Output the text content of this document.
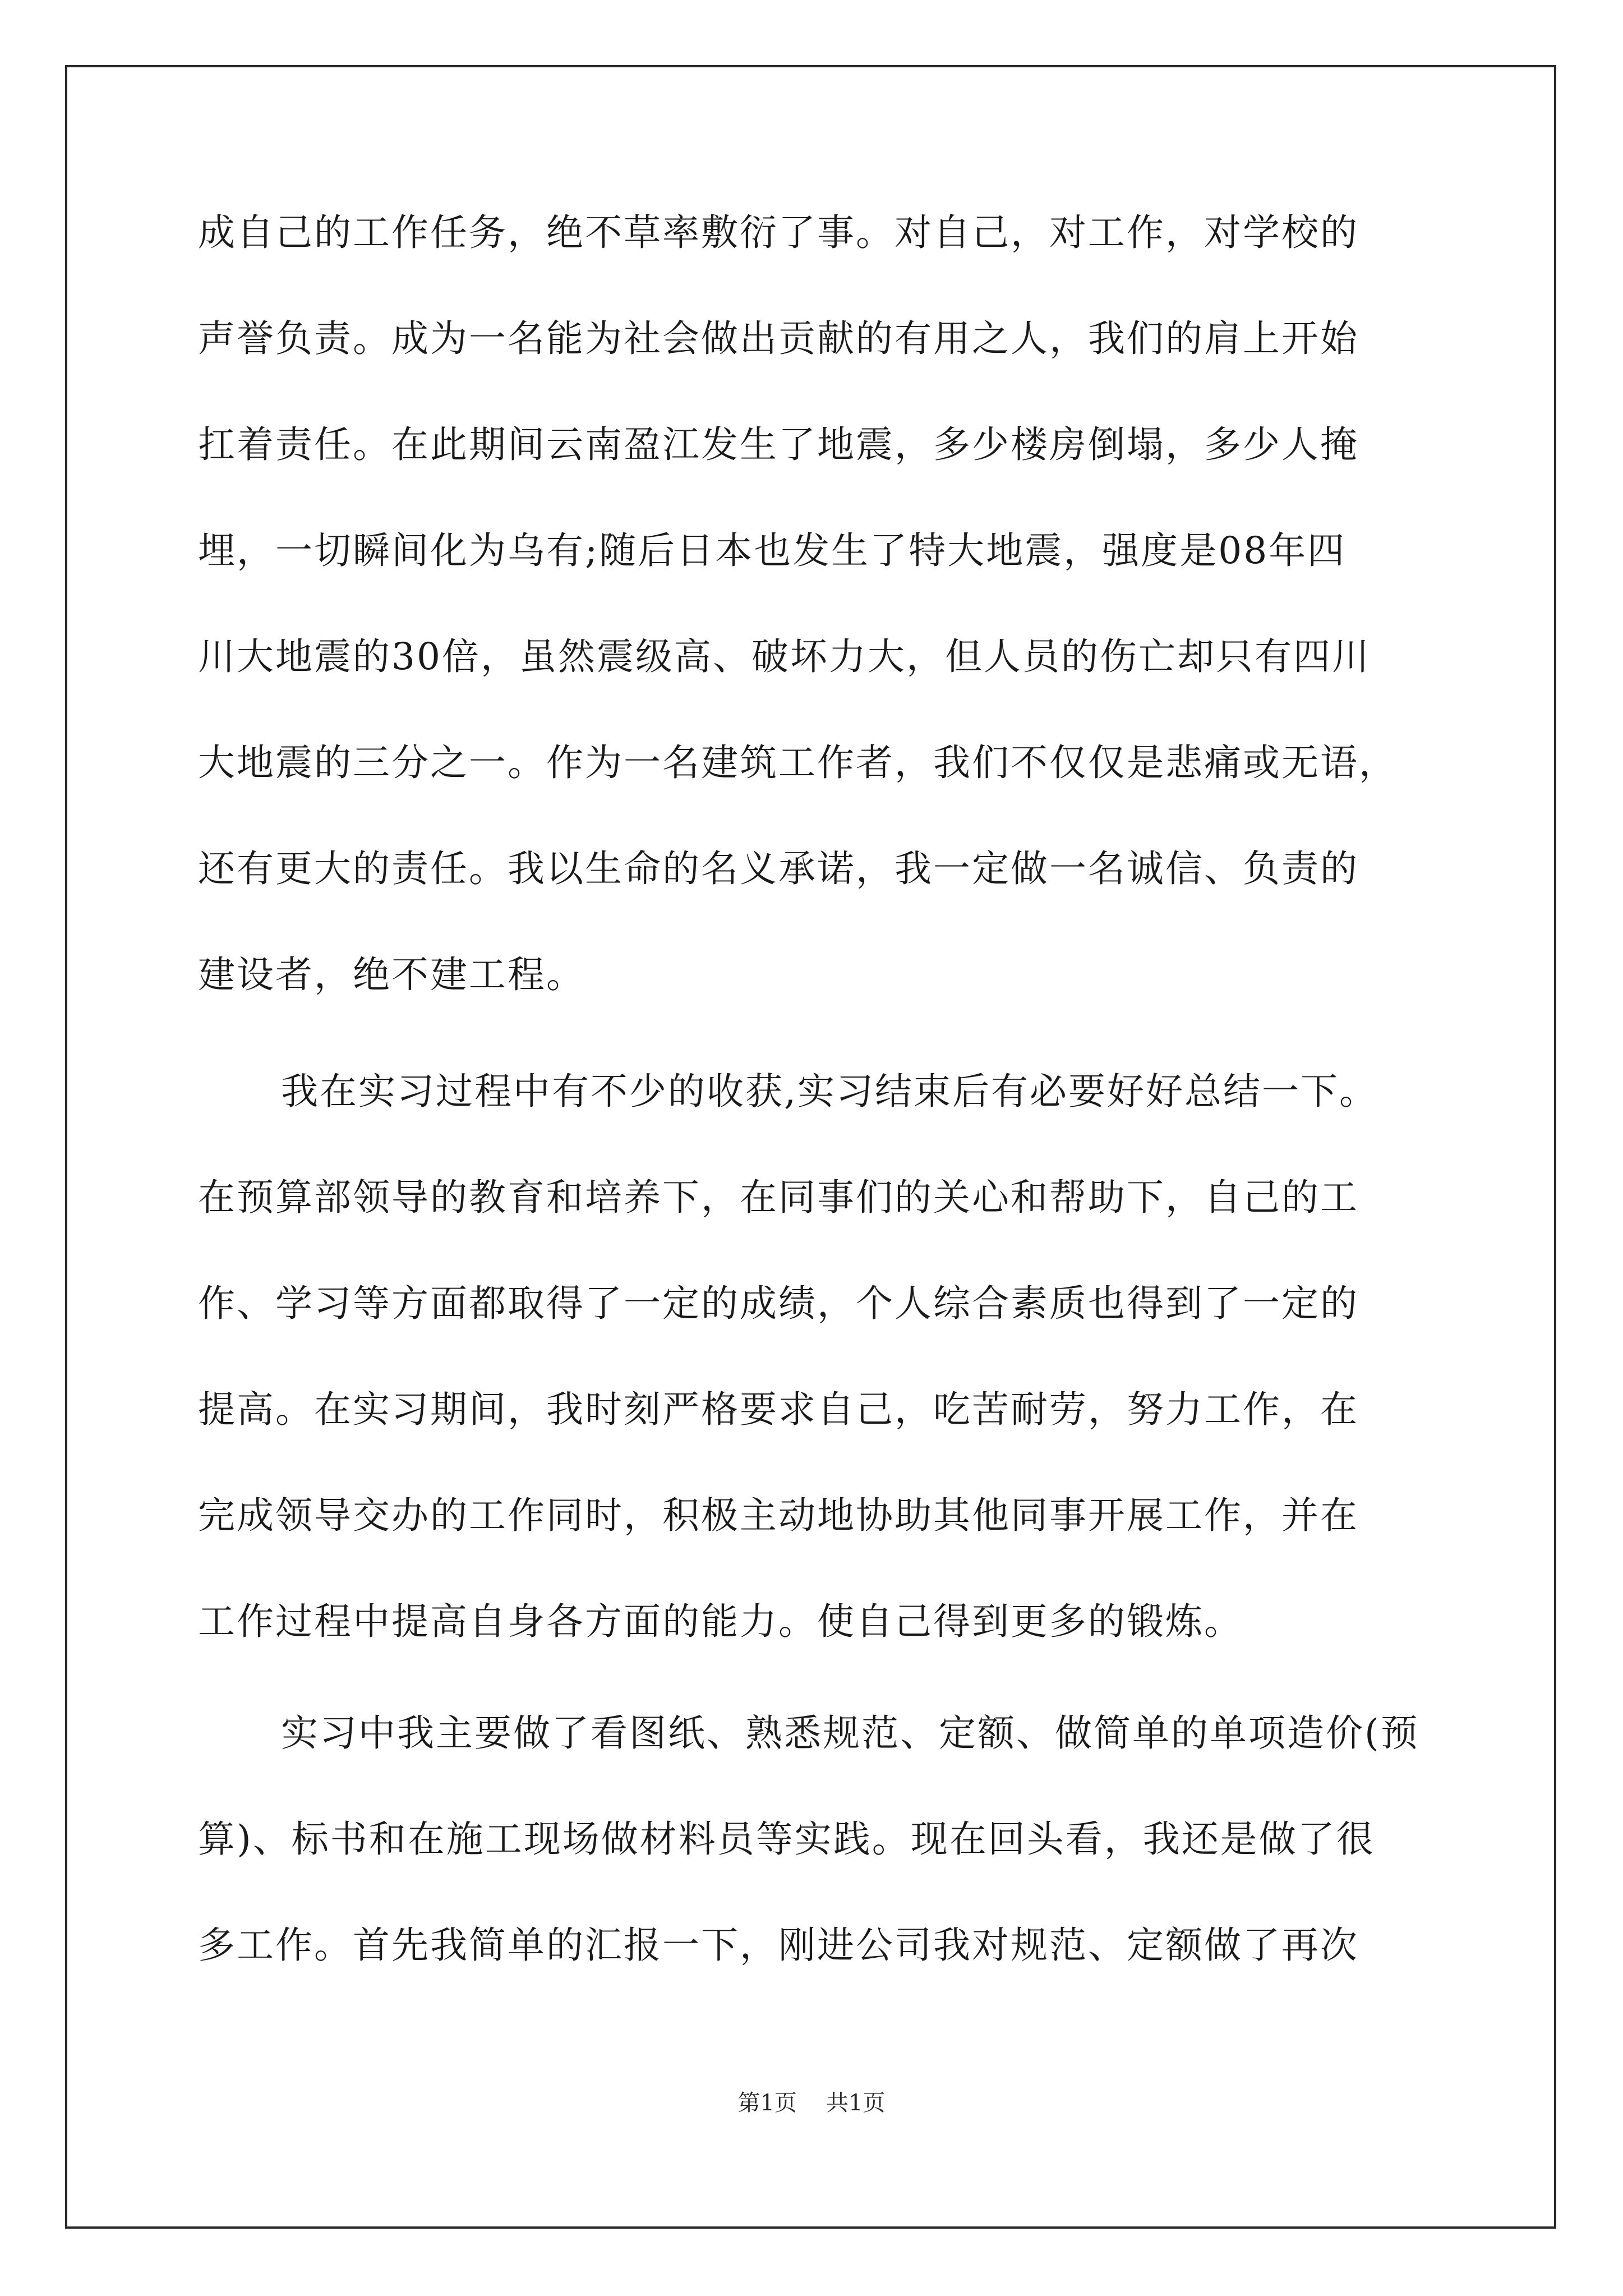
成自己的工作任务，绝不草率敷衍了事。对自己，对工作，对学校的
声誉负责。成为一名能为社会做出贡献的有用之人，我们的肩上开始
扛着责任。在此期间云南盈江发生了地震，多少楼房倒塌，多少人掩
埋，一切瞬间化为乌有;随后日本也发生了特大地震，强度是08年四
川大地震的30倍，虽然震级高、破坏力大，但人员的伤亡却只有四川
大地震的三分之一。作为一名建筑工作者，我们不仅仅是悲痛或无语，
还有更大的责任。我以生命的名义承诺，我一定做一名诚信、负责的
建设者，绝不建工程。
我在实习过程中有不少的收获,实习结束后有必要好好总结一下。
在预算部领导的教育和培养下，在同事们的关心和帮助下，自己的工
作、学习等方面都取得了一定的成绩，个人综合素质也得到了一定的
提高。在实习期间，我时刻严格要求自己，吃苦耐劳，努力工作，在
完成领导交办的工作同时，积极主动地协助其他同事开展工作，并在
工作过程中提高自身各方面的能力。使自己得到更多的锻炼。
实习中我主要做了看图纸、熟悉规范、定额、做简单的单项造价(预
算)、标书和在施工现场做材料员等实践。现在回头看，我还是做了很
多工作。首先我简单的汇报一下，刚进公司我对规范、定额做了再次
第1页 共1页
